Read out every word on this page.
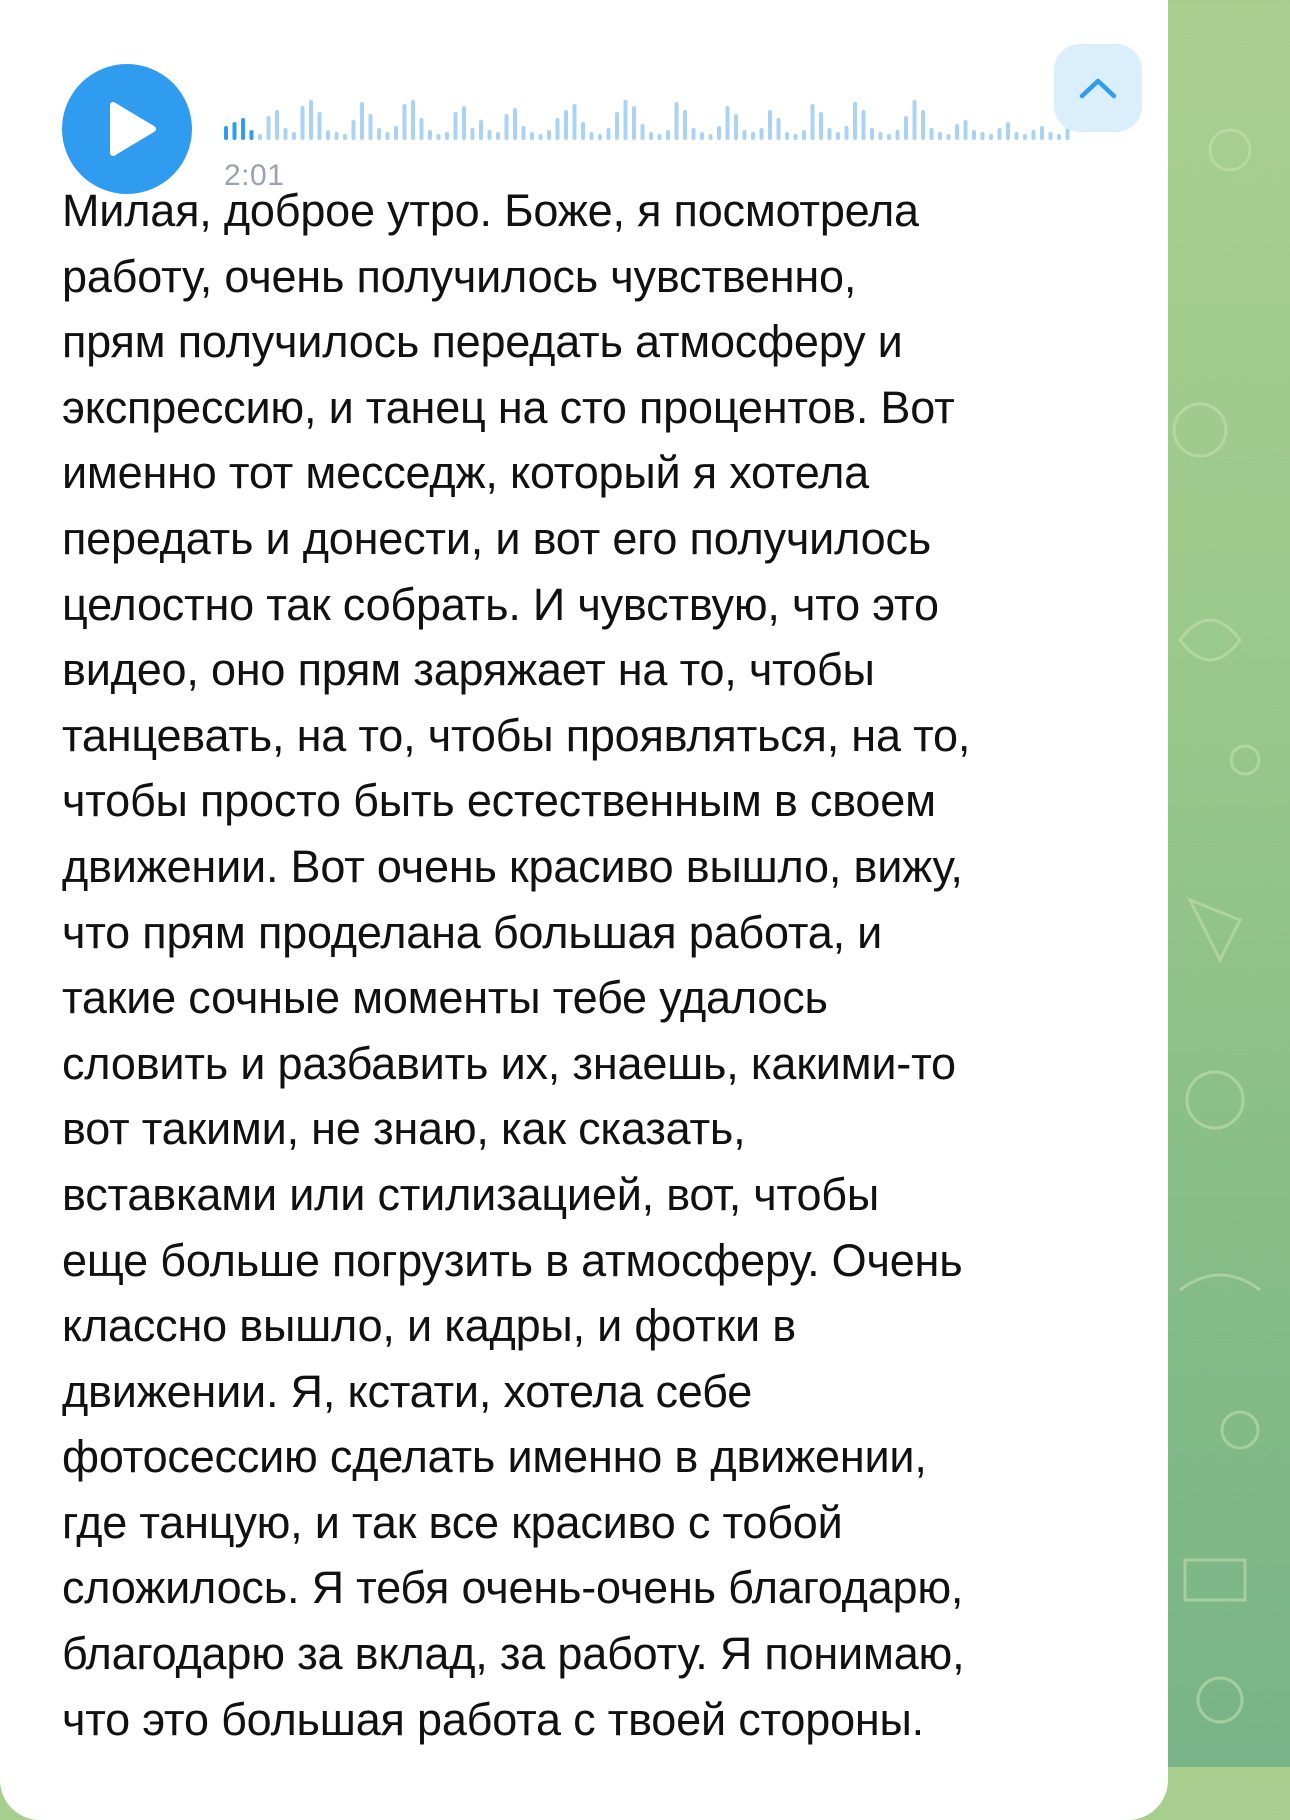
2:01
Милая, доброе утро. Боже, я посмотрела
работу, очень получилось чувственно,
прям получилось передать атмосферу и
экспрессию, и танец на сто процентов. Вот
именно тот месседж, который я хотела
передать и донести, и вот его получилось
целостно так собрать. И чувствую, что это
видео, оно прям заряжает на то, чтобы
танцевать, на то, чтобы проявляться, на то,
чтобы просто быть естественным в своем
движении. Вот очень красиво вышло, вижу,
что прям проделана большая работа, и
такие сочные моменты тебе удалось
словить и разбавить их, знаешь, какими-то
вот такими, не знаю, как сказать,
вставками или стилизацией, вот, чтобы
еще больше погрузить в атмосферу. Очень
классно вышло, и кадры, и фотки в
движении. Я, кстати, хотела себе
фотосессию сделать именно в движении,
где танцую, и так все красиво с тобой
сложилось. Я тебя очень-очень благодарю,
благодарю за вклад, за работу. Я понимаю,
что это большая работа с твоей стороны.
